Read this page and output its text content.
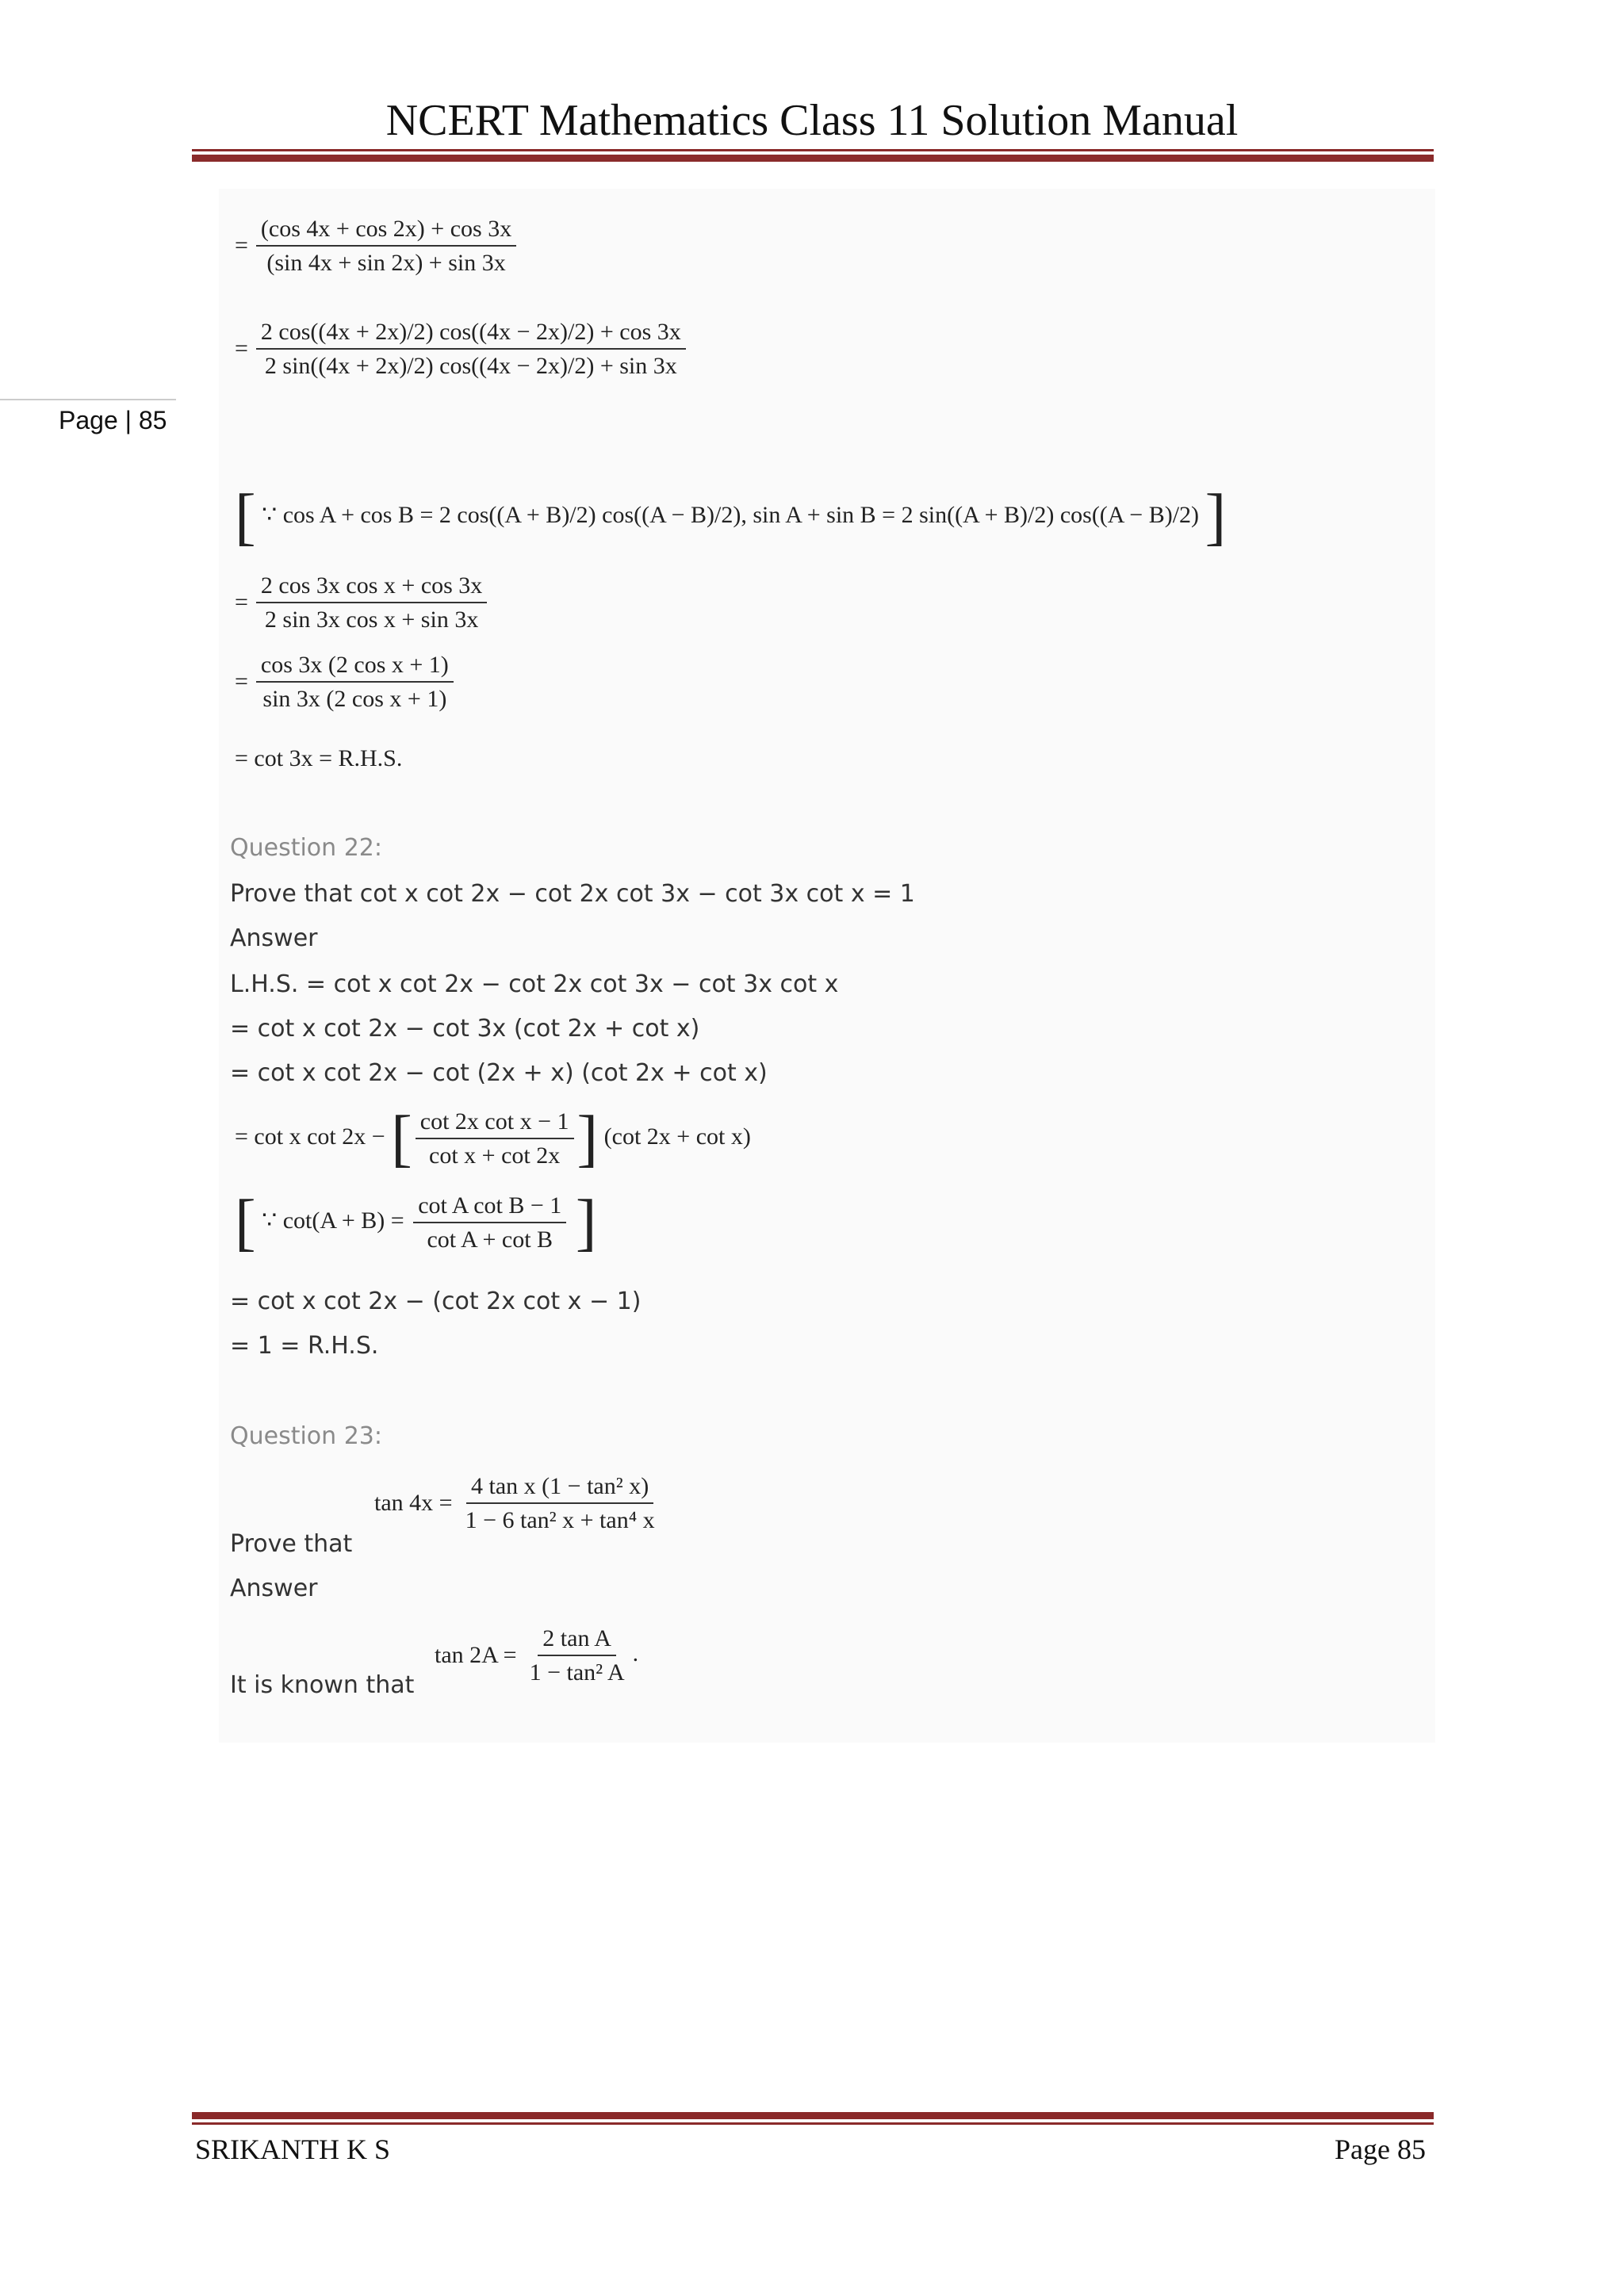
NCERT Mathematics Class 11 Solution Manual
Page | 85
= $\frac{(\cos 4x + \cos 2x) + \cos 3x}{(\sin 4x + \sin 2x) + \sin 3x}$
= $\frac{2 \cos((4x + 2x)/2) \cos((4x - 2x)/2) + \cos 3x}{2 \sin((4x + 2x)/2) \cos((4x - 2x)/2) + \sin 3x}$
[ ∵ cos A + cos B = 2 cos((A + B)/2) cos((A − B)/2), sin A + sin B = 2 sin((A + B)/2) cos((A − B)/2) ]
= $\frac{\text{2 cos 3x cos x + cos 3x}}{\text{2 sin 3x cos x + sin 3x}}$
= $\frac{\text{cos 3x (2 cos x + 1)}}{\text{sin 3x (2 cos x + 1)}}$
= cot 3x = R.H.S.
Question 22:
Prove that cot x cot 2x − cot 2x cot 3x − cot 3x cot x = 1
Answer
L.H.S. = cot x cot 2x − cot 2x cot 3x − cot 3x cot x
= cot x cot 2x − cot 3x (cot 2x + cot x)
= cot x cot 2x − cot (2x + x) (cot 2x + cot x)
= cot x cot 2x − [ $\frac{\text{cot 2x cot x − 1}}{\text{cot x + cot 2x}}$ ] (cot 2x + cot x)
[ ∵ $\cot(A + B) = \frac{\text{cot A cot B − 1}}{\text{cot A + cot B}}$ ]
= cot x cot 2x − (cot 2x cot x − 1)
= 1 = R.H.S.
Question 23:
Prove that
$\tan 4x = \frac{\text{4 tan x (1 − tan² x)}}{\text{1 − 6 tan² x + tan⁴ x}}$
Answer
It is known that
$\tan 2A = \frac{\text{2 tan A}}{\text{1 − tan² A}}$ .
SRIKANTH K S	Page 85
